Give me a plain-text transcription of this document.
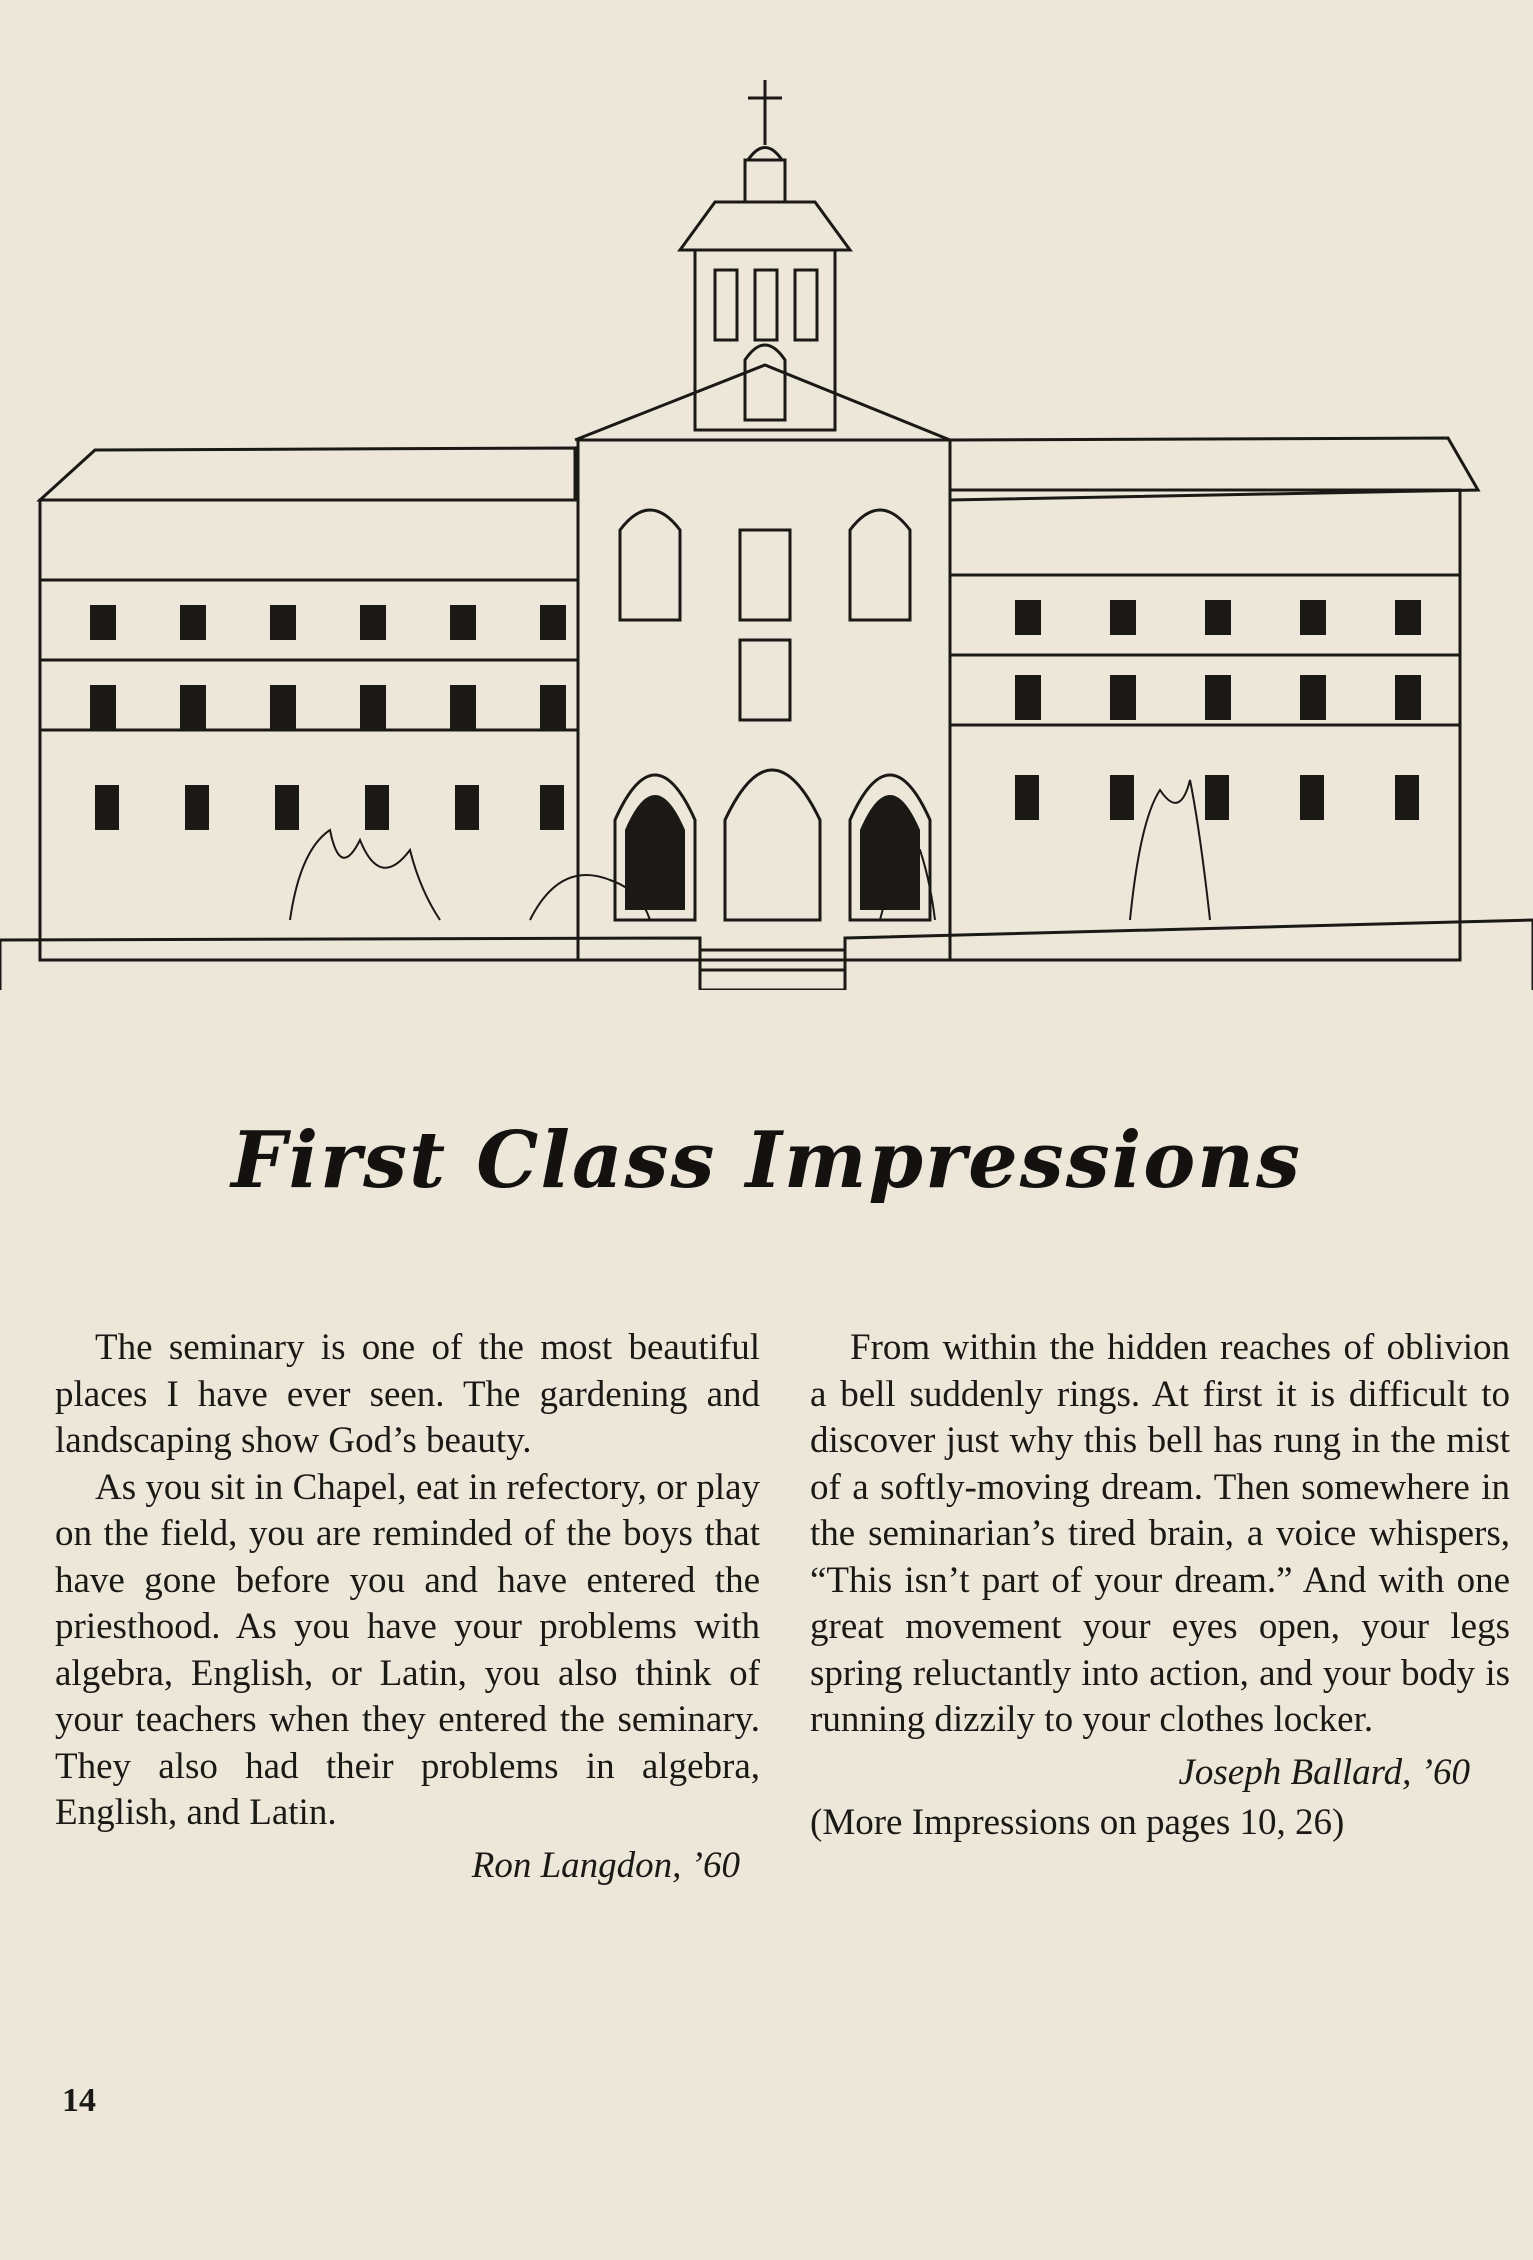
First Class Impressions

The seminary is one of the most beautiful places I have ever seen. The gardening and landscaping show God’s beauty.

As you sit in Chapel, eat in refectory, or play on the field, you are reminded of the boys that have gone before you and have entered the priesthood. As you have your problems with algebra, English, or Latin, you also think of your teachers when they entered the seminary. They also had their problems in algebra, English, and Latin.

Ron Langdon, ’60

From within the hidden reaches of oblivion a bell suddenly rings. At first it is difficult to discover just why this bell has rung in the mist of a softly-moving dream. Then somewhere in the seminarian’s tired brain, a voice whispers, “This isn’t part of your dream.” And with one great movement your eyes open, your legs spring reluctantly into action, and your body is running dizzily to your clothes locker.

Joseph Ballard, ’60
(More Impressions on pages 10, 26)
14
